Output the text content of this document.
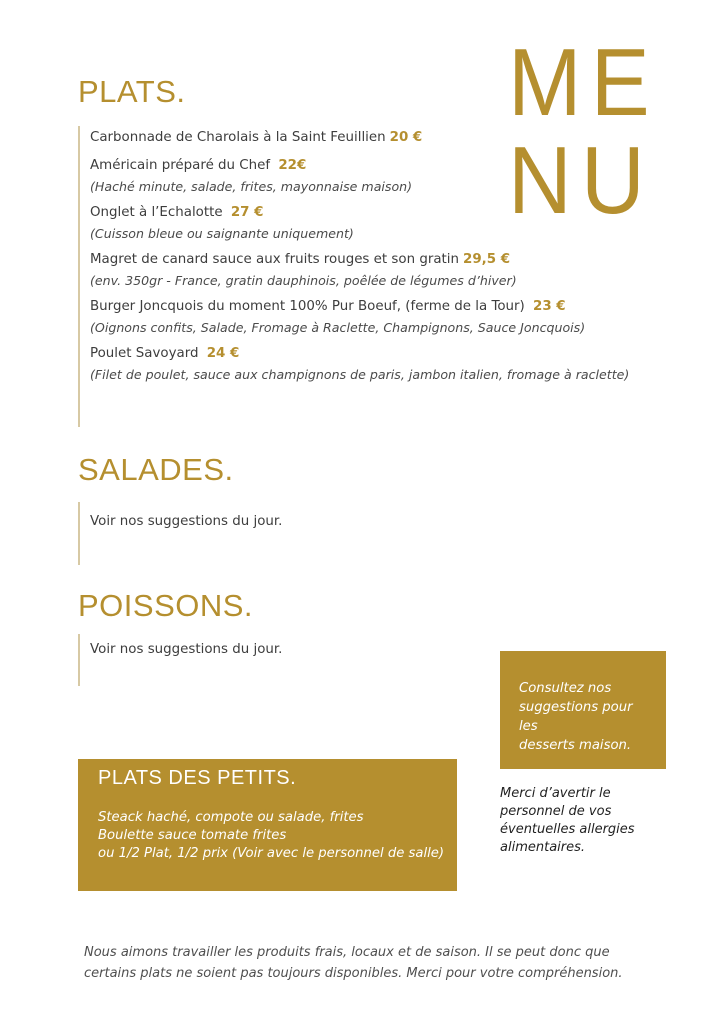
ME
NU
PLATS.
Carbonnade de Charolais à la Saint Feuillien 20 €
Américain préparé du Chef 22€
(Haché minute, salade, frites, mayonnaise maison)
Onglet à l’Echalotte 27 €
(Cuisson bleue ou saignante uniquement)
Magret de canard sauce aux fruits rouges et son gratin 29,5 €
(env. 350gr - France, gratin dauphinois, poêlée de légumes d’hiver)
Burger Joncquois du moment 100% Pur Boeuf, (ferme de la Tour) 23 €
(Oignons confits, Salade, Fromage à Raclette, Champignons, Sauce Joncquois)
Poulet Savoyard 24 €
(Filet de poulet, sauce aux champignons de paris, jambon italien, fromage à raclette)
SALADES.
Voir nos suggestions du jour.
POISSONS.
Voir nos suggestions du jour.
Consultez nos
suggestions pour les
desserts maison.
PLATS DES PETITS.
Steack haché, compote ou salade, frites
Boulette sauce tomate frites
ou 1/2 Plat, 1/2 prix (Voir avec le personnel de salle)
Merci d’avertir le
personnel de vos
éventuelles allergies
alimentaires.
Nous aimons travailler les produits frais, locaux et de saison. Il se peut donc que
certains plats ne soient pas toujours disponibles. Merci pour votre compréhension.
